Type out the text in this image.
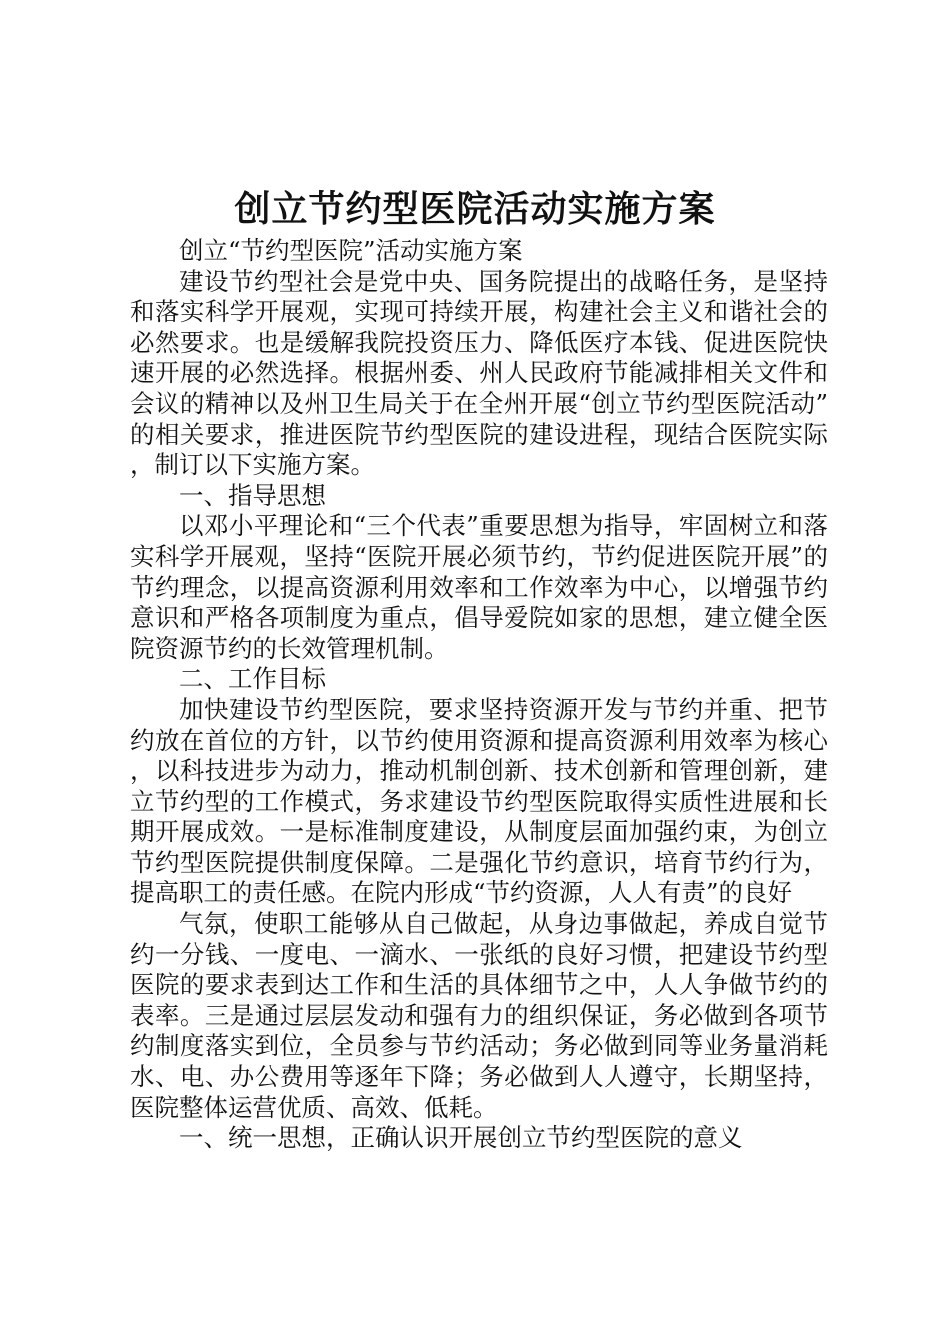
创立节约型医院活动实施方案

创立“节约型医院”活动实施方案

建设节约型社会是党中央、国务院提出的战略任务，是坚持和落实科学开展观，实现可持续开展，构建社会主义和谐社会的必然要求。也是缓解我院投资压力、降低医疗本钱、促进医院快速开展的必然选择。根据州委、州人民政府节能减排相关文件和会议的精神以及州卫生局关于在全州开展“创立节约型医院活动”的相关要求，推进医院节约型医院的建设进程，现结合医院实际，制订以下实施方案。

一、指导思想

以邓小平理论和“三个代表”重要思想为指导，牢固树立和落实科学开展观，坚持“医院开展必须节约，节约促进医院开展”的节约理念，以提高资源利用效率和工作效率为中心，以增强节约意识和严格各项制度为重点，倡导爱院如家的思想，建立健全医院资源节约的长效管理机制。

二、工作目标

加快建设节约型医院，要求坚持资源开发与节约并重、把节约放在首位的方针，以节约使用资源和提高资源利用效率为核心，以科技进步为动力，推动机制创新、技术创新和管理创新，建立节约型的工作模式，务求建设节约型医院取得实质性进展和长期开展成效。一是标准制度建设，从制度层面加强约束，为创立节约型医院提供制度保障。二是强化节约意识，培育节约行为，提高职工的责任感。在院内形成“节约资源，人人有责”的良好

气氛，使职工能够从自己做起，从身边事做起，养成自觉节约一分钱、一度电、一滴水、一张纸的良好习惯，把建设节约型医院的要求表到达工作和生活的具体细节之中，人人争做节约的表率。三是通过层层发动和强有力的组织保证，务必做到各项节约制度落实到位，全员参与节约活动；务必做到同等业务量消耗水、电、办公费用等逐年下降；务必做到人人遵守，长期坚持，医院整体运营优质、高效、低耗。

一、统一思想，正确认识开展创立节约型医院的意义
